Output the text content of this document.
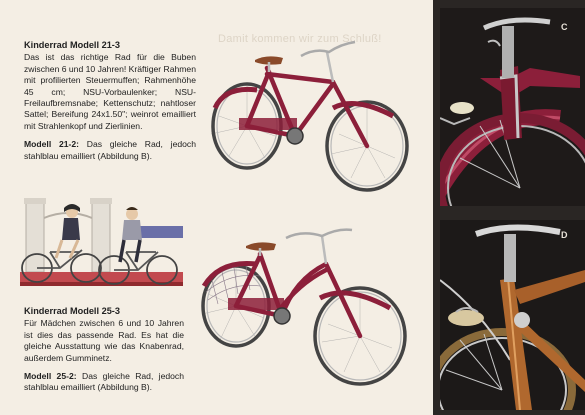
Damit kommen wir zum Schluß!

Kinderrad Modell 21-3

Das ist das richtige Rad für die Buben zwischen 6 und 10 Jahren! Kräftiger Rahmen mit profilierten Steuermuffen; Rahmenhöhe 45 cm; NSU-Vorbaulenker; NSU-Freilaufbremsnabe; Kettenschutz; nahtloser Sattel; Bereifung 24x1.50"; weinrot emailliert mit Strahlenkopf und Zierlinien.

Modell 21-2: Das gleiche Rad, jedoch stahlblau emailliert (Abbildung B).

Kinderrad Modell 25-3

Für Mädchen zwischen 6 und 10 Jahren ist dies das passende Rad. Es hat die gleiche Ausstattung wie das Knabenrad, außerdem Gumminetz.

Modell 25-2: Das gleiche Rad, jedoch stahlblau emailliert (Abbildung B).

C
D
